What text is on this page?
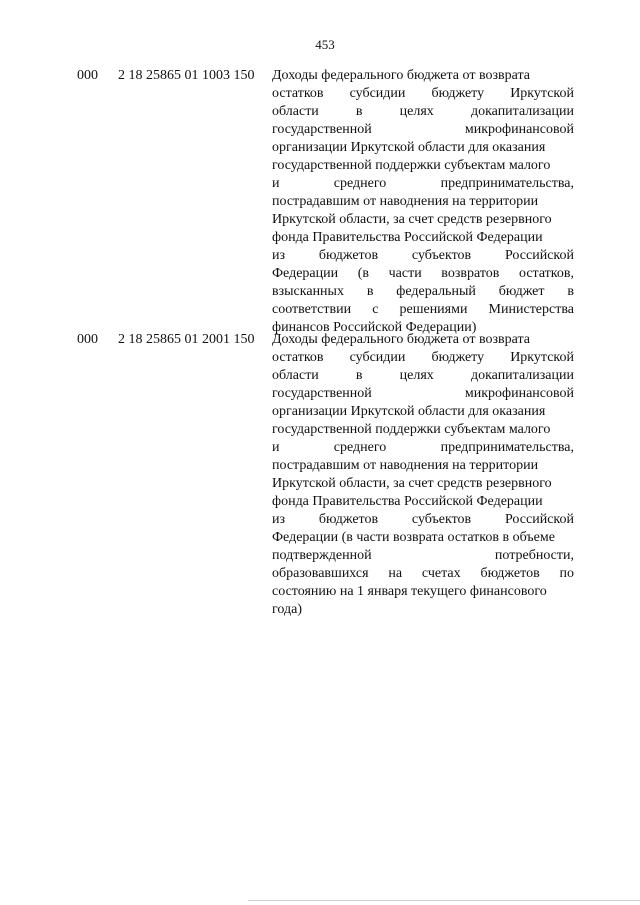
453
000 2 18 25865 01 1003 150 Доходы федерального бюджета от возврата
остатков субсидии бюджету Иркутской
области в целях докапитализации
государственной микрофинансовой
организации Иркутской области для оказания
государственной поддержки субъектам малого
и среднего предпринимательства,
пострадавшим от наводнения на территории
Иркутской области, за счет средств резервного
фонда Правительства Российской Федерации
из бюджетов субъектов Российской
Федерации (в части возвратов остатков,
взысканных в федеральный бюджет в
соответствии с решениями Министерства
финансов Российской Федерации)
000 2 18 25865 01 2001 150 Доходы федерального бюджета от возврата
остатков субсидии бюджету Иркутской
области в целях докапитализации
государственной микрофинансовой
организации Иркутской области для оказания
государственной поддержки субъектам малого
и среднего предпринимательства,
пострадавшим от наводнения на территории
Иркутской области, за счет средств резервного
фонда Правительства Российской Федерации
из бюджетов субъектов Российской
Федерации (в части возврата остатков в объеме
подтвержденной потребности,
образовавшихся на счетах бюджетов по
состоянию на 1 января текущего финансового
года)
